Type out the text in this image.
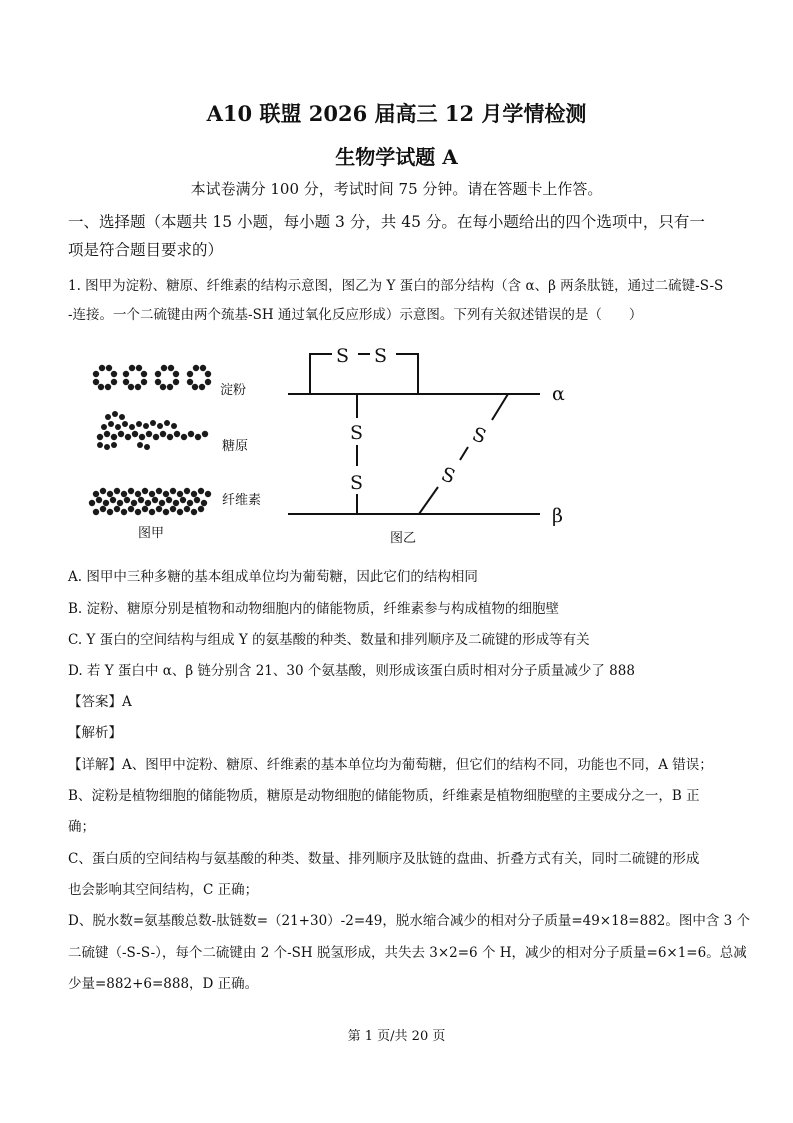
A10 联盟 2026 届高三 12 月学情检测
生物学试题 A
本试卷满分 100 分，考试时间 75 分钟。请在答题卡上作答。
一、选择题（本题共 15 小题，每小题 3 分，共 45 分。在每小题给出的四个选项中，只有一
项是符合题目要求的）
1. 图甲为淀粉、糖原、纤维素的结构示意图，图乙为 Y 蛋白的部分结构（含 α、β 两条肽链，通过二硫键-S-S
-连接。一个二硫键由两个巯基-SH 通过氧化反应形成）示意图。下列有关叙述错误的是（　　）
淀粉
糖原
纤维素
图甲
S S
S
S
S
S
α
β
图乙
A. 图甲中三种多糖的基本组成单位均为葡萄糖，因此它们的结构相同
B. 淀粉、糖原分别是植物和动物细胞内的储能物质，纤维素参与构成植物的细胞壁
C. Y 蛋白的空间结构与组成 Y 的氨基酸的种类、数量和排列顺序及二硫键的形成等有关
D. 若 Y 蛋白中 α、β 链分别含 21、30 个氨基酸，则形成该蛋白质时相对分子质量减少了 888
【答案】A
【解析】
【详解】A、图甲中淀粉、糖原、纤维素的基本单位均为葡萄糖，但它们的结构不同，功能也不同，A 错误；
B、淀粉是植物细胞的储能物质，糖原是动物细胞的储能物质，纤维素是植物细胞壁的主要成分之一，B 正
确；
C、蛋白质的空间结构与氨基酸的种类、数量、排列顺序及肽链的盘曲、折叠方式有关，同时二硫键的形成
也会影响其空间结构，C 正确；
D、脱水数=氨基酸总数-肽链数=（21+30）-2=49，脱水缩合减少的相对分子质量=49×18=882。图中含 3 个
二硫键（-S-S-），每个二硫键由 2 个-SH 脱氢形成，共失去 3×2=6 个 H，减少的相对分子质量=6×1=6。总减
少量=882+6=888，D 正确。
第 1 页/共 20 页
